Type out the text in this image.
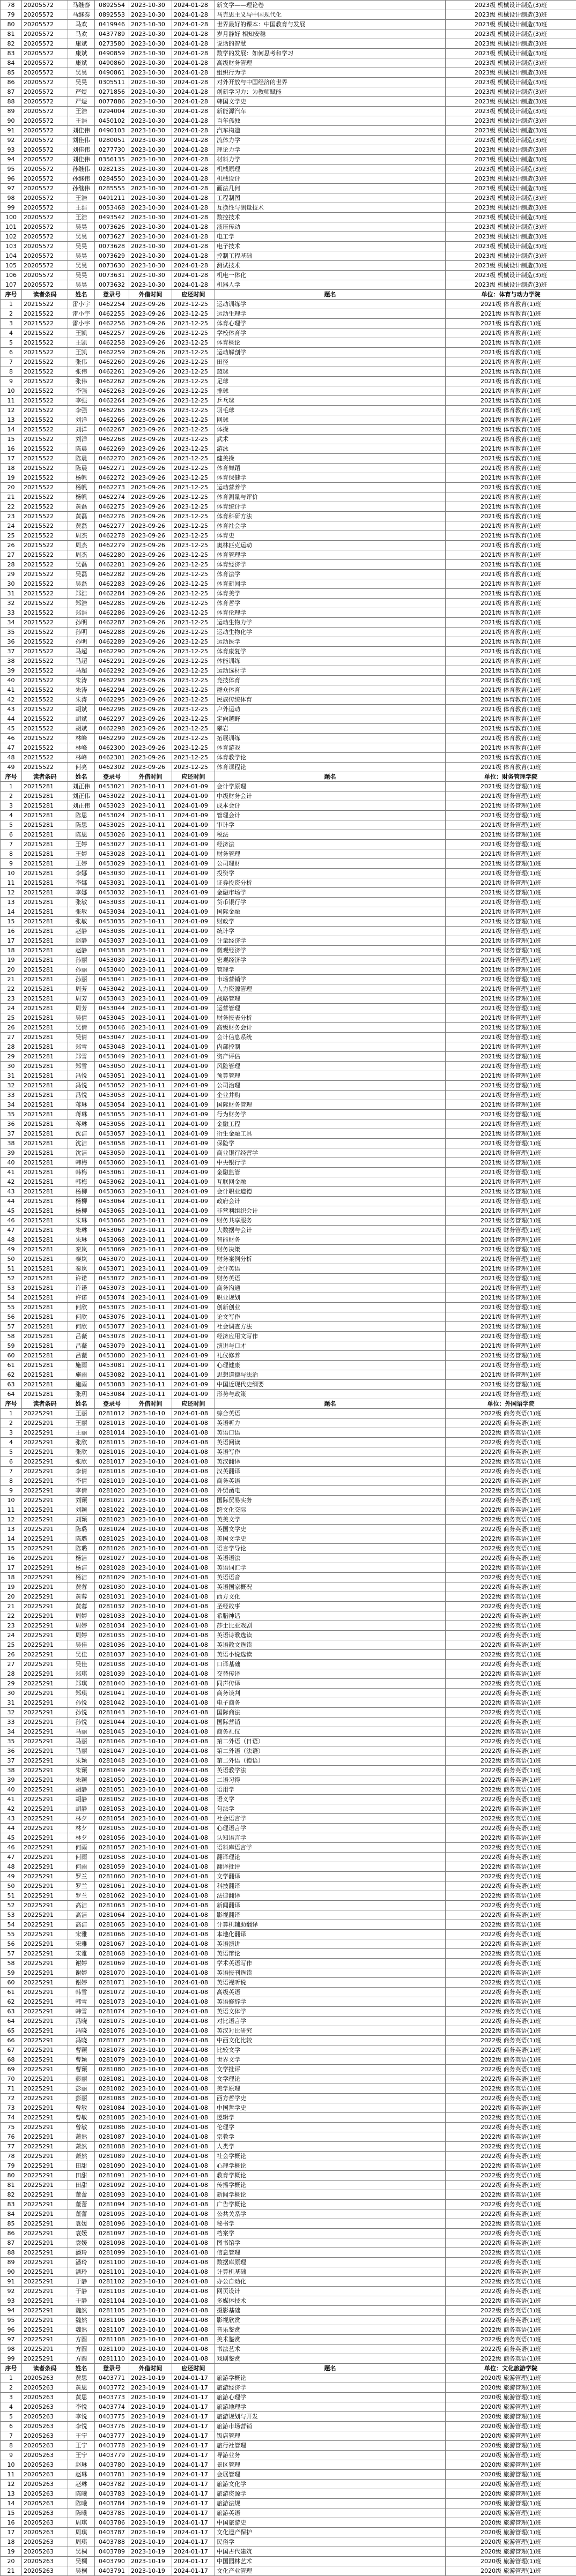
78	20205572	马继泰	0892554	2023-10-30	2024-01-28	新文学——理论卷	2023级 机械设计制造(3)班
79	20205572	马继泰	0892553	2023-10-30	2024-01-28	马克思主义与中国现代化	2023级 机械设计制造(3)班
80	20205572	马欢	0419946	2023-10-30	2024-01-28	世界最好的课本：中国教育与发展	2023级 机械设计制造(3)班
81	20205572	马欢	0437789	2023-10-30	2024-01-28	岁月静好 相知安稳	2023级 机械设计制造(3)班
82	20205572	康斌	0273580	2023-10-30	2024-01-28	说话的智慧	2023级 机械设计制造(3)班
83	20205572	康斌	0490859	2023-10-30	2024-01-28	数学的发展：如何思考和学习	2023级 机械设计制造(3)班
84	20205572	康斌	0490860	2023-10-30	2024-01-28	高级财务管理	2023级 机械设计制造(3)班
85	20205572	吴昊	0490861	2023-10-30	2024-01-28	组织行为学	2023级 机械设计制造(3)班
86	20205572	吴昊	0305511	2023-10-30	2024-01-28	对外开放与中国经济的世界	2023级 机械设计制造(3)班
87	20205572	严煜	0271856	2023-10-30	2024-01-28	创新学习力：为教师赋能	2023级 机械设计制造(3)班
88	20205572	严煜	0077886	2023-10-30	2024-01-28	韩国文学史	2023级 机械设计制造(3)班
89	20205572	王浩	0294004	2023-10-30	2024-01-28	新能源汽车	2023级 机械设计制造(3)班
90	20205572	王浩	0450102	2023-10-30	2024-01-28	百年孤独	2023级 机械设计制造(3)班
91	20205572	刘佳伟	0490103	2023-10-30	2024-01-28	汽车构造	2023级 机械设计制造(3)班
92	20205572	刘佳伟	0280051	2023-10-30	2024-01-28	流体力学	2023级 机械设计制造(3)班
93	20205572	刘佳伟	0277730	2023-10-30	2024-01-28	理论力学	2023级 机械设计制造(3)班
94	20205572	刘佳伟	0356135	2023-10-30	2024-01-28	材料力学	2023级 机械设计制造(3)班
95	20205572	孙继伟	0282135	2023-10-30	2024-01-28	机械原理	2023级 机械设计制造(3)班
96	20205572	孙继伟	0284550	2023-10-30	2024-01-28	机械设计	2023级 机械设计制造(3)班
97	20205572	孙继伟	0285555	2023-10-30	2024-01-28	画法几何	2023级 机械设计制造(3)班
98	20205572	王浩	0491211	2023-10-30	2024-01-28	工程制图	2023级 机械设计制造(3)班
99	20205572	王浩	0053468	2023-10-30	2024-01-28	互换性与测量技术	2023级 机械设计制造(3)班
100	20205572	王浩	0493542	2023-10-30	2024-01-28	数控技术	2023级 机械设计制造(3)班
101	20205572	吴昊	0073626	2023-10-30	2024-01-28	液压传动	2023级 机械设计制造(3)班
102	20205572	吴昊	0073627	2023-10-30	2024-01-28	电工学	2023级 机械设计制造(3)班
103	20205572	吴昊	0073628	2023-10-30	2024-01-28	电子技术	2023级 机械设计制造(3)班
104	20205572	吴昊	0073629	2023-10-30	2024-01-28	控制工程基础	2023级 机械设计制造(3)班
105	20205572	吴昊	0073630	2023-10-30	2024-01-28	测试技术	2023级 机械设计制造(3)班
106	20205572	吴昊	0073631	2023-10-30	2024-01-28	机电一体化	2023级 机械设计制造(3)班
107	20205572	吴昊	0073632	2023-10-30	2024-01-28	机器人学	2023级 机械设计制造(3)班
序号	读者条码	姓名	登录号	外借时间	应还时间	题名	单位：体育与动力学院
1	20215522	雷小宇	0462254	2023-09-26	2023-12-25	运动训练学	2021级 体育教育(1)班
2	20215522	雷小宇	0462255	2023-09-26	2023-12-25	运动生理学	2021级 体育教育(1)班
3	20215522	雷小宇	0462256	2023-09-26	2023-12-25	体育心理学	2021级 体育教育(1)班
4	20215522	王凯	0462257	2023-09-26	2023-12-25	学校体育学	2021级 体育教育(1)班
5	20215522	王凯	0462258	2023-09-26	2023-12-25	体育概论	2021级 体育教育(1)班
6	20215522	王凯	0462259	2023-09-26	2023-12-25	运动解剖学	2021级 体育教育(1)班
7	20215522	张伟	0462260	2023-09-26	2023-12-25	田径	2021级 体育教育(1)班
8	20215522	张伟	0462261	2023-09-26	2023-12-25	篮球	2021级 体育教育(1)班
9	20215522	张伟	0462262	2023-09-26	2023-12-25	足球	2021级 体育教育(1)班
10	20215522	李强	0462263	2023-09-26	2023-12-25	排球	2021级 体育教育(1)班
11	20215522	李强	0462264	2023-09-26	2023-12-25	乒乓球	2021级 体育教育(1)班
12	20215522	李强	0462265	2023-09-26	2023-12-25	羽毛球	2021级 体育教育(1)班
13	20215522	刘洋	0462266	2023-09-26	2023-12-25	网球	2021级 体育教育(1)班
14	20215522	刘洋	0462267	2023-09-26	2023-12-25	体操	2021级 体育教育(1)班
15	20215522	刘洋	0462268	2023-09-26	2023-12-25	武术	2021级 体育教育(1)班
16	20215522	陈晨	0462269	2023-09-26	2023-12-25	游泳	2021级 体育教育(1)班
17	20215522	陈晨	0462270	2023-09-26	2023-12-25	健美操	2021级 体育教育(1)班
18	20215522	陈晨	0462271	2023-09-26	2023-12-25	体育舞蹈	2021级 体育教育(1)班
19	20215522	杨帆	0462272	2023-09-26	2023-12-25	体育保健学	2021级 体育教育(1)班
20	20215522	杨帆	0462273	2023-09-26	2023-12-25	运动营养学	2021级 体育教育(1)班
21	20215522	杨帆	0462274	2023-09-26	2023-12-25	体育测量与评价	2021级 体育教育(1)班
22	20215522	黄磊	0462275	2023-09-26	2023-12-25	体育统计学	2021级 体育教育(1)班
23	20215522	黄磊	0462276	2023-09-26	2023-12-25	体育科研方法	2021级 体育教育(1)班
24	20215522	黄磊	0462277	2023-09-26	2023-12-25	体育社会学	2021级 体育教育(1)班
25	20215522	周杰	0462278	2023-09-26	2023-12-25	体育史	2021级 体育教育(1)班
26	20215522	周杰	0462279	2023-09-26	2023-12-25	奥林匹克运动	2021级 体育教育(1)班
27	20215522	周杰	0462280	2023-09-26	2023-12-25	体育管理学	2021级 体育教育(1)班
28	20215522	吴磊	0462281	2023-09-26	2023-12-25	体育经济学	2021级 体育教育(1)班
29	20215522	吴磊	0462282	2023-09-26	2023-12-25	体育法学	2021级 体育教育(1)班
30	20215522	吴磊	0462283	2023-09-26	2023-12-25	体育新闻学	2021级 体育教育(1)班
31	20215522	郑浩	0462284	2023-09-26	2023-12-25	体育美学	2021级 体育教育(1)班
32	20215522	郑浩	0462285	2023-09-26	2023-12-25	体育哲学	2021级 体育教育(1)班
33	20215522	郑浩	0462286	2023-09-26	2023-12-25	体育伦理学	2021级 体育教育(1)班
34	20215522	孙明	0462287	2023-09-26	2023-12-25	运动生物力学	2021级 体育教育(1)班
35	20215522	孙明	0462288	2023-09-26	2023-12-25	运动生物化学	2021级 体育教育(1)班
36	20215522	孙明	0462289	2023-09-26	2023-12-25	运动医学	2021级 体育教育(1)班
37	20215522	马超	0462290	2023-09-26	2023-12-25	体育康复学	2021级 体育教育(1)班
38	20215522	马超	0462291	2023-09-26	2023-12-25	体能训练	2021级 体育教育(1)班
39	20215522	马超	0462292	2023-09-26	2023-12-25	运动选材学	2021级 体育教育(1)班
40	20215522	朱涛	0462293	2023-09-26	2023-12-25	竞技体育	2021级 体育教育(1)班
41	20215522	朱涛	0462294	2023-09-26	2023-12-25	群众体育	2021级 体育教育(1)班
42	20215522	朱涛	0462295	2023-09-26	2023-12-25	民族传统体育	2021级 体育教育(1)班
43	20215522	胡斌	0462296	2023-09-26	2023-12-25	户外运动	2021级 体育教育(1)班
44	20215522	胡斌	0462297	2023-09-26	2023-12-25	定向越野	2021级 体育教育(1)班
45	20215522	胡斌	0462298	2023-09-26	2023-12-25	攀岩	2021级 体育教育(1)班
46	20215522	林峰	0462299	2023-09-26	2023-12-25	拓展训练	2021级 体育教育(1)班
47	20215522	林峰	0462300	2023-09-26	2023-12-25	体育游戏	2021级 体育教育(1)班
48	20215522	林峰	0462301	2023-09-26	2023-12-25	体育教学论	2021级 体育教育(1)班
49	20215522	何亮	0462302	2023-09-26	2023-12-25	体育课程论	2021级 体育教育(1)班
序号	读者条码	姓名	登录号	外借时间	应还时间	题名	单位：财务管理学院
1	20215281	刘正伟	0453021	2023-10-11	2024-01-09	会计学原理	2021级 财务管理(1)班
2	20215281	刘正伟	0453022	2023-10-11	2024-01-09	中级财务会计	2021级 财务管理(1)班
3	20215281	刘正伟	0453023	2023-10-11	2024-01-09	成本会计	2021级 财务管理(1)班
4	20215281	陈思	0453024	2023-10-11	2024-01-09	管理会计	2021级 财务管理(1)班
5	20215281	陈思	0453025	2023-10-11	2024-01-09	审计学	2021级 财务管理(1)班
6	20215281	陈思	0453026	2023-10-11	2024-01-09	税法	2021级 财务管理(1)班
7	20215281	王婷	0453027	2023-10-11	2024-01-09	经济法	2021级 财务管理(1)班
8	20215281	王婷	0453028	2023-10-11	2024-01-09	财务管理	2021级 财务管理(1)班
9	20215281	王婷	0453029	2023-10-11	2024-01-09	公司理财	2021级 财务管理(1)班
10	20215281	李娜	0453030	2023-10-11	2024-01-09	投资学	2021级 财务管理(1)班
11	20215281	李娜	0453031	2023-10-11	2024-01-09	证券投资分析	2021级 财务管理(1)班
12	20215281	李娜	0453032	2023-10-11	2024-01-09	金融市场学	2021级 财务管理(1)班
13	20215281	张敏	0453033	2023-10-11	2024-01-09	货币银行学	2021级 财务管理(1)班
14	20215281	张敏	0453034	2023-10-11	2024-01-09	国际金融	2021级 财务管理(1)班
15	20215281	张敏	0453035	2023-10-11	2024-01-09	财政学	2021级 财务管理(1)班
16	20215281	赵静	0453036	2023-10-11	2024-01-09	统计学	2021级 财务管理(1)班
17	20215281	赵静	0453037	2023-10-11	2024-01-09	计量经济学	2021级 财务管理(1)班
18	20215281	赵静	0453038	2023-10-11	2024-01-09	微观经济学	2021级 财务管理(1)班
19	20215281	孙丽	0453039	2023-10-11	2024-01-09	宏观经济学	2021级 财务管理(1)班
20	20215281	孙丽	0453040	2023-10-11	2024-01-09	管理学	2021级 财务管理(1)班
21	20215281	孙丽	0453041	2023-10-11	2024-01-09	市场营销学	2021级 财务管理(1)班
22	20215281	周芳	0453042	2023-10-11	2024-01-09	人力资源管理	2021级 财务管理(1)班
23	20215281	周芳	0453043	2023-10-11	2024-01-09	战略管理	2021级 财务管理(1)班
24	20215281	周芳	0453044	2023-10-11	2024-01-09	运营管理	2021级 财务管理(1)班
25	20215281	吴倩	0453045	2023-10-11	2024-01-09	财务报表分析	2021级 财务管理(1)班
26	20215281	吴倩	0453046	2023-10-11	2024-01-09	高级财务会计	2021级 财务管理(1)班
27	20215281	吴倩	0453047	2023-10-11	2024-01-09	会计信息系统	2021级 财务管理(1)班
28	20215281	郑雪	0453048	2023-10-11	2024-01-09	内部控制	2021级 财务管理(1)班
29	20215281	郑雪	0453049	2023-10-11	2024-01-09	资产评估	2021级 财务管理(1)班
30	20215281	郑雪	0453050	2023-10-11	2024-01-09	风险管理	2021级 财务管理(1)班
31	20215281	冯悦	0453051	2023-10-11	2024-01-09	预算管理	2021级 财务管理(1)班
32	20215281	冯悦	0453052	2023-10-11	2024-01-09	公司治理	2021级 财务管理(1)班
33	20215281	冯悦	0453053	2023-10-11	2024-01-09	企业并购	2021级 财务管理(1)班
34	20215281	蒋琳	0453054	2023-10-11	2024-01-09	国际财务管理	2021级 财务管理(1)班
35	20215281	蒋琳	0453055	2023-10-11	2024-01-09	行为财务学	2021级 财务管理(1)班
36	20215281	蒋琳	0453056	2023-10-11	2024-01-09	金融工程	2021级 财务管理(1)班
37	20215281	沈洁	0453057	2023-10-11	2024-01-09	衍生金融工具	2021级 财务管理(1)班
38	20215281	沈洁	0453058	2023-10-11	2024-01-09	保险学	2021级 财务管理(1)班
39	20215281	沈洁	0453059	2023-10-11	2024-01-09	商业银行经营学	2021级 财务管理(1)班
40	20215281	韩梅	0453060	2023-10-11	2024-01-09	中央银行学	2021级 财务管理(1)班
41	20215281	韩梅	0453061	2023-10-11	2024-01-09	金融监管	2021级 财务管理(1)班
42	20215281	韩梅	0453062	2023-10-11	2024-01-09	互联网金融	2021级 财务管理(1)班
43	20215281	杨柳	0453063	2023-10-11	2024-01-09	会计职业道德	2021级 财务管理(1)班
44	20215281	杨柳	0453064	2023-10-11	2024-01-09	政府会计	2021级 财务管理(1)班
45	20215281	杨柳	0453065	2023-10-11	2024-01-09	非营利组织会计	2021级 财务管理(1)班
46	20215281	朱琳	0453066	2023-10-11	2024-01-09	财务共享服务	2021级 财务管理(1)班
47	20215281	朱琳	0453067	2023-10-11	2024-01-09	大数据与会计	2021级 财务管理(1)班
48	20215281	朱琳	0453068	2023-10-11	2024-01-09	智能财务	2021级 财务管理(1)班
49	20215281	秦岚	0453069	2023-10-11	2024-01-09	财务决策	2021级 财务管理(1)班
50	20215281	秦岚	0453070	2023-10-11	2024-01-09	财务案例分析	2021级 财务管理(1)班
51	20215281	秦岚	0453071	2023-10-11	2024-01-09	会计英语	2021级 财务管理(1)班
52	20215281	许诺	0453072	2023-10-11	2024-01-09	财务英语	2021级 财务管理(1)班
53	20215281	许诺	0453073	2023-10-11	2024-01-09	商务沟通	2021级 财务管理(1)班
54	20215281	许诺	0453074	2023-10-11	2024-01-09	职业规划	2021级 财务管理(1)班
55	20215281	何欣	0453075	2023-10-11	2024-01-09	创新创业	2021级 财务管理(1)班
56	20215281	何欣	0453076	2023-10-11	2024-01-09	论文写作	2021级 财务管理(1)班
57	20215281	何欣	0453077	2023-10-11	2024-01-09	社会调查方法	2021级 财务管理(1)班
58	20215281	吕薇	0453078	2023-10-11	2024-01-09	经济应用文写作	2021级 财务管理(1)班
59	20215281	吕薇	0453079	2023-10-11	2024-01-09	演讲与口才	2021级 财务管理(1)班
60	20215281	吕薇	0453080	2023-10-11	2024-01-09	礼仪修养	2021级 财务管理(1)班
61	20215281	施雨	0453081	2023-10-11	2024-01-09	心理健康	2021级 财务管理(1)班
62	20215281	施雨	0453082	2023-10-11	2024-01-09	思想道德与法治	2021级 财务管理(1)班
63	20215281	施雨	0453083	2023-10-11	2024-01-09	中国近现代史纲要	2021级 财务管理(1)班
64	20215281	张玥	0453084	2023-10-11	2024-01-09	形势与政策	2021级 财务管理(1)班
序号	读者条码	姓名	登录号	外借时间	应还时间	题名	单位：外国语学院
1	20225291	王丽	0281012	2023-10-10	2024-01-08	综合英语	2022级 商务英语(1)班
2	20225291	王丽	0281013	2023-10-10	2024-01-08	英语听力	2022级 商务英语(1)班
3	20225291	王丽	0281014	2023-10-10	2024-01-08	英语口语	2022级 商务英语(1)班
4	20225291	张欣	0281015	2023-10-10	2024-01-08	英语阅读	2022级 商务英语(1)班
5	20225291	张欣	0281016	2023-10-10	2024-01-08	英语写作	2022级 商务英语(1)班
6	20225291	张欣	0281017	2023-10-10	2024-01-08	英汉翻译	2022级 商务英语(1)班
7	20225291	李倩	0281018	2023-10-10	2024-01-08	汉英翻译	2022级 商务英语(1)班
8	20225291	李倩	0281019	2023-10-10	2024-01-08	商务英语	2022级 商务英语(1)班
9	20225291	李倩	0281020	2023-10-10	2024-01-08	外贸函电	2022级 商务英语(1)班
10	20225291	刘颖	0281021	2023-10-10	2024-01-08	国际贸易实务	2022级 商务英语(1)班
11	20225291	刘颖	0281022	2023-10-10	2024-01-08	跨文化交际	2022级 商务英语(1)班
12	20225291	刘颖	0281023	2023-10-10	2024-01-08	英美文学	2022级 商务英语(1)班
13	20225291	陈璐	0281024	2023-10-10	2024-01-08	英国文学史	2022级 商务英语(1)班
14	20225291	陈璐	0281025	2023-10-10	2024-01-08	美国文学史	2022级 商务英语(1)班
15	20225291	陈璐	0281026	2023-10-10	2024-01-08	语言学导论	2022级 商务英语(1)班
16	20225291	杨洁	0281027	2023-10-10	2024-01-08	英语语法	2022级 商务英语(1)班
17	20225291	杨洁	0281028	2023-10-10	2024-01-08	英语词汇学	2022级 商务英语(1)班
18	20225291	杨洁	0281029	2023-10-10	2024-01-08	英语语音	2022级 商务英语(1)班
19	20225291	黄蓉	0281030	2023-10-10	2024-01-08	英语国家概况	2022级 商务英语(1)班
20	20225291	黄蓉	0281031	2023-10-10	2024-01-08	西方文化	2022级 商务英语(1)班
21	20225291	黄蓉	0281032	2023-10-10	2024-01-08	圣经故事	2022级 商务英语(1)班
22	20225291	周婷	0281033	2023-10-10	2024-01-08	希腊神话	2022级 商务英语(1)班
23	20225291	周婷	0281034	2023-10-10	2024-01-08	莎士比亚戏剧	2022级 商务英语(1)班
24	20225291	周婷	0281035	2023-10-10	2024-01-08	英语诗歌选读	2022级 商务英语(1)班
25	20225291	吴佳	0281036	2023-10-10	2024-01-08	英语散文选读	2022级 商务英语(1)班
26	20225291	吴佳	0281037	2023-10-10	2024-01-08	英语小说选读	2022级 商务英语(1)班
27	20225291	吴佳	0281038	2023-10-10	2024-01-08	口译基础	2022级 商务英语(1)班
28	20225291	郑琪	0281039	2023-10-10	2024-01-08	交替传译	2022级 商务英语(1)班
29	20225291	郑琪	0281040	2023-10-10	2024-01-08	同声传译	2022级 商务英语(1)班
30	20225291	郑琪	0281041	2023-10-10	2024-01-08	商务谈判	2022级 商务英语(1)班
31	20225291	孙悦	0281042	2023-10-10	2024-01-08	电子商务	2022级 商务英语(1)班
32	20225291	孙悦	0281043	2023-10-10	2024-01-08	国际商法	2022级 商务英语(1)班
33	20225291	孙悦	0281044	2023-10-10	2024-01-08	国际营销	2022级 商务英语(1)班
34	20225291	马丽	0281045	2023-10-10	2024-01-08	商务礼仪	2022级 商务英语(1)班
35	20225291	马丽	0281046	2023-10-10	2024-01-08	第二外语（日语）	2022级 商务英语(1)班
36	20225291	马丽	0281047	2023-10-10	2024-01-08	第二外语（法语）	2022级 商务英语(1)班
37	20225291	朱颖	0281048	2023-10-10	2024-01-08	第二外语（德语）	2022级 商务英语(1)班
38	20225291	朱颖	0281049	2023-10-10	2024-01-08	英语教学法	2022级 商务英语(1)班
39	20225291	朱颖	0281050	2023-10-10	2024-01-08	二语习得	2022级 商务英语(1)班
40	20225291	胡静	0281051	2023-10-10	2024-01-08	语用学	2022级 商务英语(1)班
41	20225291	胡静	0281052	2023-10-10	2024-01-08	语义学	2022级 商务英语(1)班
42	20225291	胡静	0281053	2023-10-10	2024-01-08	句法学	2022级 商务英语(1)班
43	20225291	林夕	0281054	2023-10-10	2024-01-08	社会语言学	2022级 商务英语(1)班
44	20225291	林夕	0281055	2023-10-10	2024-01-08	心理语言学	2022级 商务英语(1)班
45	20225291	林夕	0281056	2023-10-10	2024-01-08	认知语言学	2022级 商务英语(1)班
46	20225291	何雨	0281057	2023-10-10	2024-01-08	语料库语言学	2022级 商务英语(1)班
47	20225291	何雨	0281058	2023-10-10	2024-01-08	翻译理论	2022级 商务英语(1)班
48	20225291	何雨	0281059	2023-10-10	2024-01-08	翻译批评	2022级 商务英语(1)班
49	20225291	罗兰	0281060	2023-10-10	2024-01-08	文学翻译	2022级 商务英语(1)班
50	20225291	罗兰	0281061	2023-10-10	2024-01-08	科技翻译	2022级 商务英语(1)班
51	20225291	罗兰	0281062	2023-10-10	2024-01-08	法律翻译	2022级 商务英语(1)班
52	20225291	高洁	0281063	2023-10-10	2024-01-08	新闻翻译	2022级 商务英语(1)班
53	20225291	高洁	0281064	2023-10-10	2024-01-08	影视翻译	2022级 商务英语(1)班
54	20225291	高洁	0281065	2023-10-10	2024-01-08	计算机辅助翻译	2022级 商务英语(1)班
55	20225291	宋雅	0281066	2023-10-10	2024-01-08	本地化翻译	2022级 商务英语(1)班
56	20225291	宋雅	0281067	2023-10-10	2024-01-08	英语演讲	2022级 商务英语(1)班
57	20225291	宋雅	0281068	2023-10-10	2024-01-08	英语辩论	2022级 商务英语(1)班
58	20225291	谢婷	0281069	2023-10-10	2024-01-08	学术英语写作	2022级 商务英语(1)班
59	20225291	谢婷	0281070	2023-10-10	2024-01-08	英语报刊选读	2022级 商务英语(1)班
60	20225291	谢婷	0281071	2023-10-10	2024-01-08	英语视听说	2022级 商务英语(1)班
61	20225291	韩雪	0281072	2023-10-10	2024-01-08	高级英语	2022级 商务英语(1)班
62	20225291	韩雪	0281073	2023-10-10	2024-01-08	英语修辞学	2022级 商务英语(1)班
63	20225291	韩雪	0281074	2023-10-10	2024-01-08	英语文体学	2022级 商务英语(1)班
64	20225291	冯晓	0281075	2023-10-10	2024-01-08	对比语言学	2022级 商务英语(1)班
65	20225291	冯晓	0281076	2023-10-10	2024-01-08	英汉对比研究	2022级 商务英语(1)班
66	20225291	冯晓	0281077	2023-10-10	2024-01-08	中西文化比较	2022级 商务英语(1)班
67	20225291	曹颖	0281078	2023-10-10	2024-01-08	比较文学	2022级 商务英语(1)班
68	20225291	曹颖	0281079	2023-10-10	2024-01-08	世界文学	2022级 商务英语(1)班
69	20225291	曹颖	0281080	2023-10-10	2024-01-08	文学批评	2022级 商务英语(1)班
70	20225291	彭丽	0281081	2023-10-10	2024-01-08	文学理论	2022级 商务英语(1)班
71	20225291	彭丽	0281082	2023-10-10	2024-01-08	美学原理	2022级 商务英语(1)班
72	20225291	彭丽	0281083	2023-10-10	2024-01-08	西方哲学史	2022级 商务英语(1)班
73	20225291	曾敏	0281084	2023-10-10	2024-01-08	中国哲学史	2022级 商务英语(1)班
74	20225291	曾敏	0281085	2023-10-10	2024-01-08	逻辑学	2022级 商务英语(1)班
75	20225291	曾敏	0281086	2023-10-10	2024-01-08	伦理学	2022级 商务英语(1)班
76	20225291	萧然	0281087	2023-10-10	2024-01-08	宗教学	2022级 商务英语(1)班
77	20225291	萧然	0281088	2023-10-10	2024-01-08	人类学	2022级 商务英语(1)班
78	20225291	萧然	0281089	2023-10-10	2024-01-08	社会学概论	2022级 商务英语(1)班
79	20225291	田甜	0281090	2023-10-10	2024-01-08	心理学概论	2022级 商务英语(1)班
80	20225291	田甜	0281091	2023-10-10	2024-01-08	教育学概论	2022级 商务英语(1)班
81	20225291	田甜	0281092	2023-10-10	2024-01-08	传播学概论	2022级 商务英语(1)班
82	20225291	董蕾	0281093	2023-10-10	2024-01-08	新闻学概论	2022级 商务英语(1)班
83	20225291	董蕾	0281094	2023-10-10	2024-01-08	广告学概论	2022级 商务英语(1)班
84	20225291	董蕾	0281095	2023-10-10	2024-01-08	公共关系学	2022级 商务英语(1)班
85	20225291	袁媛	0281096	2023-10-10	2024-01-08	秘书学	2022级 商务英语(1)班
86	20225291	袁媛	0281097	2023-10-10	2024-01-08	档案学	2022级 商务英语(1)班
87	20225291	袁媛	0281098	2023-10-10	2024-01-08	图书馆学	2022级 商务英语(1)班
88	20225291	潘玲	0281099	2023-10-10	2024-01-08	信息管理	2022级 商务英语(1)班
89	20225291	潘玲	0281100	2023-10-10	2024-01-08	数据库原理	2022级 商务英语(1)班
90	20225291	潘玲	0281101	2023-10-10	2024-01-08	计算机基础	2022级 商务英语(1)班
91	20225291	于静	0281102	2023-10-10	2024-01-08	办公自动化	2022级 商务英语(1)班
92	20225291	于静	0281103	2023-10-10	2024-01-08	网页设计	2022级 商务英语(1)班
93	20225291	于静	0281104	2023-10-10	2024-01-08	多媒体技术	2022级 商务英语(1)班
94	20225291	魏然	0281105	2023-10-10	2024-01-08	摄影基础	2022级 商务英语(1)班
95	20225291	魏然	0281106	2023-10-10	2024-01-08	影视欣赏	2022级 商务英语(1)班
96	20225291	魏然	0281107	2023-10-10	2024-01-08	音乐鉴赏	2022级 商务英语(1)班
97	20225291	方圆	0281108	2023-10-10	2024-01-08	美术鉴赏	2022级 商务英语(1)班
98	20225291	方圆	0281109	2023-10-10	2024-01-08	书法艺术	2022级 商务英语(1)班
99	20225291	方圆	0281110	2023-10-10	2024-01-08	戏剧鉴赏	2022级 商务英语(1)班
序号	读者条码	姓名	登录号	外借时间	应还时间	题名	单位：文化旅游学院
1	20205263	黄思	0403771	2023-10-19	2024-01-17	旅游学概论	2020级 旅游管理(1)班
2	20205263	黄思	0403772	2023-10-19	2024-01-17	旅游经济学	2020级 旅游管理(1)班
3	20205263	黄思	0403773	2023-10-19	2024-01-17	旅游心理学	2020级 旅游管理(1)班
4	20205263	李悦	0403774	2023-10-19	2024-01-17	旅游地理学	2020级 旅游管理(1)班
5	20205263	李悦	0403775	2023-10-19	2024-01-17	旅游规划与开发	2020级 旅游管理(1)班
6	20205263	李悦	0403776	2023-10-19	2024-01-17	旅游市场营销	2020级 旅游管理(1)班
7	20205263	王宁	0403777	2023-10-19	2024-01-17	饭店管理	2020级 旅游管理(1)班
8	20205263	王宁	0403778	2023-10-19	2024-01-17	旅行社管理	2020级 旅游管理(1)班
9	20205263	王宁	0403779	2023-10-19	2024-01-17	导游业务	2020级 旅游管理(1)班
10	20205263	赵琳	0403780	2023-10-19	2024-01-17	景区管理	2020级 旅游管理(1)班
11	20205263	赵琳	0403781	2023-10-19	2024-01-17	会展管理	2020级 旅游管理(1)班
12	20205263	赵琳	0403782	2023-10-19	2024-01-17	旅游文化学	2020级 旅游管理(1)班
13	20205263	陈曦	0403783	2023-10-19	2024-01-17	旅游资源学	2020级 旅游管理(1)班
14	20205263	陈曦	0403784	2023-10-19	2024-01-17	旅游法规	2020级 旅游管理(1)班
15	20205263	陈曦	0403785	2023-10-19	2024-01-17	旅游英语	2020级 旅游管理(1)班
16	20205263	周琪	0403786	2023-10-19	2024-01-17	中国旅游史	2020级 旅游管理(1)班
17	20205263	周琪	0403787	2023-10-19	2024-01-17	文化遗产保护	2020级 旅游管理(1)班
18	20205263	周琪	0403788	2023-10-19	2024-01-17	民俗学	2020级 旅游管理(1)班
19	20205263	吴桐	0403789	2023-10-19	2024-01-17	中国古代建筑	2020级 旅游管理(1)班
20	20205263	吴桐	0403790	2023-10-19	2024-01-17	中国园林艺术	2020级 旅游管理(1)班
21	20205263	吴桐	0403791	2023-10-19	2024-01-17	文化产业管理	2020级 旅游管理(1)班
